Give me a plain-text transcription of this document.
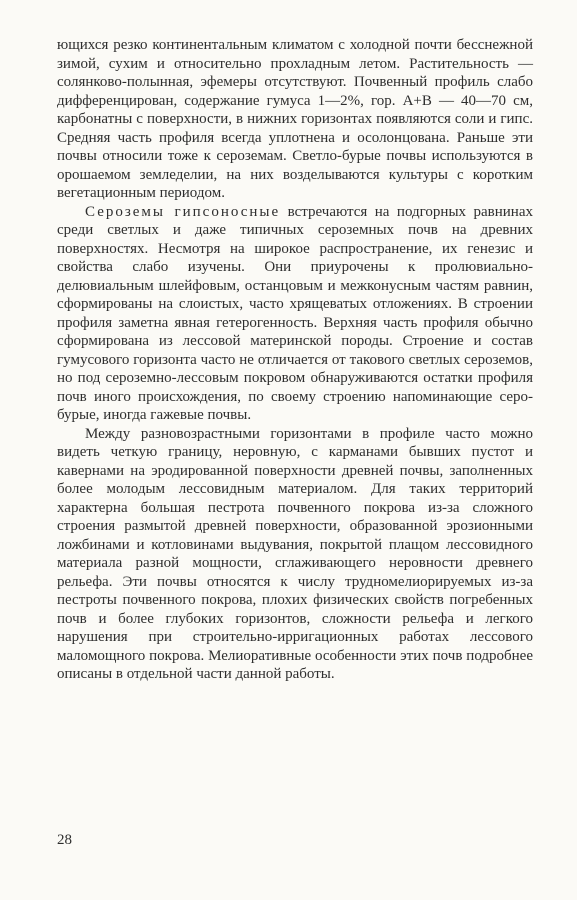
ющихся резко континентальным климатом с холодной почти бесснежной зимой, сухим и относительно прохладным летом. Растительность — солянково-полынная, эфемеры отсутствуют. Почвенный профиль слабо дифференцирован, содержание гумуса 1—2%, гор. А+В — 40—70 см, карбонатны с поверхности, в нижних горизонтах появляются соли и гипс. Средняя часть профиля всегда уплотнена и осолонцована. Раньше эти почвы относили тоже к сероземам. Светло-бурые почвы используются в орошаемом земледелии, на них возделываются культуры с коротким вегетационным периодом.

Сероземы гипсоносные встречаются на подгорных равнинах среди светлых и даже типичных сероземных почв на древних поверхностях. Несмотря на широкое распространение, их генезис и свойства слабо изучены. Они приурочены к пролювиально-делювиальным шлейфовым, останцовым и межконусным частям равнин, сформированы на слоистых, часто хрящеватых отложениях. В строении профиля заметна явная гетерогенность. Верхняя часть профиля обычно сформирована из лессовой материнской породы. Строение и состав гумусового горизонта часто не отличается от такового светлых сероземов, но под сероземно-лессовым покровом обнаруживаются остатки профиля почв иного происхождения, по своему строению напоминающие серо-бурые, иногда гажевые почвы.

Между разновозрастными горизонтами в профиле часто можно видеть четкую границу, неровную, с карманами бывших пустот и кавернами на эродированной поверхности древней почвы, заполненных более молодым лессовидным материалом. Для таких территорий характерна большая пестрота почвенного покрова из-за сложного строения размытой древней поверхности, образованной эрозионными ложбинами и котловинами выдувания, покрытой плащом лессовидного материала разной мощности, сглаживающего неровности древнего рельефа. Эти почвы относятся к числу трудномелиорируемых из-за пестроты почвенного покрова, плохих физических свойств погребенных почв и более глубоких горизонтов, сложности рельефа и легкого нарушения при строительно-ирригационных работах лессового маломощного покрова. Мелиоративные особенности этих почв подробнее описаны в отдельной части данной работы.

28
